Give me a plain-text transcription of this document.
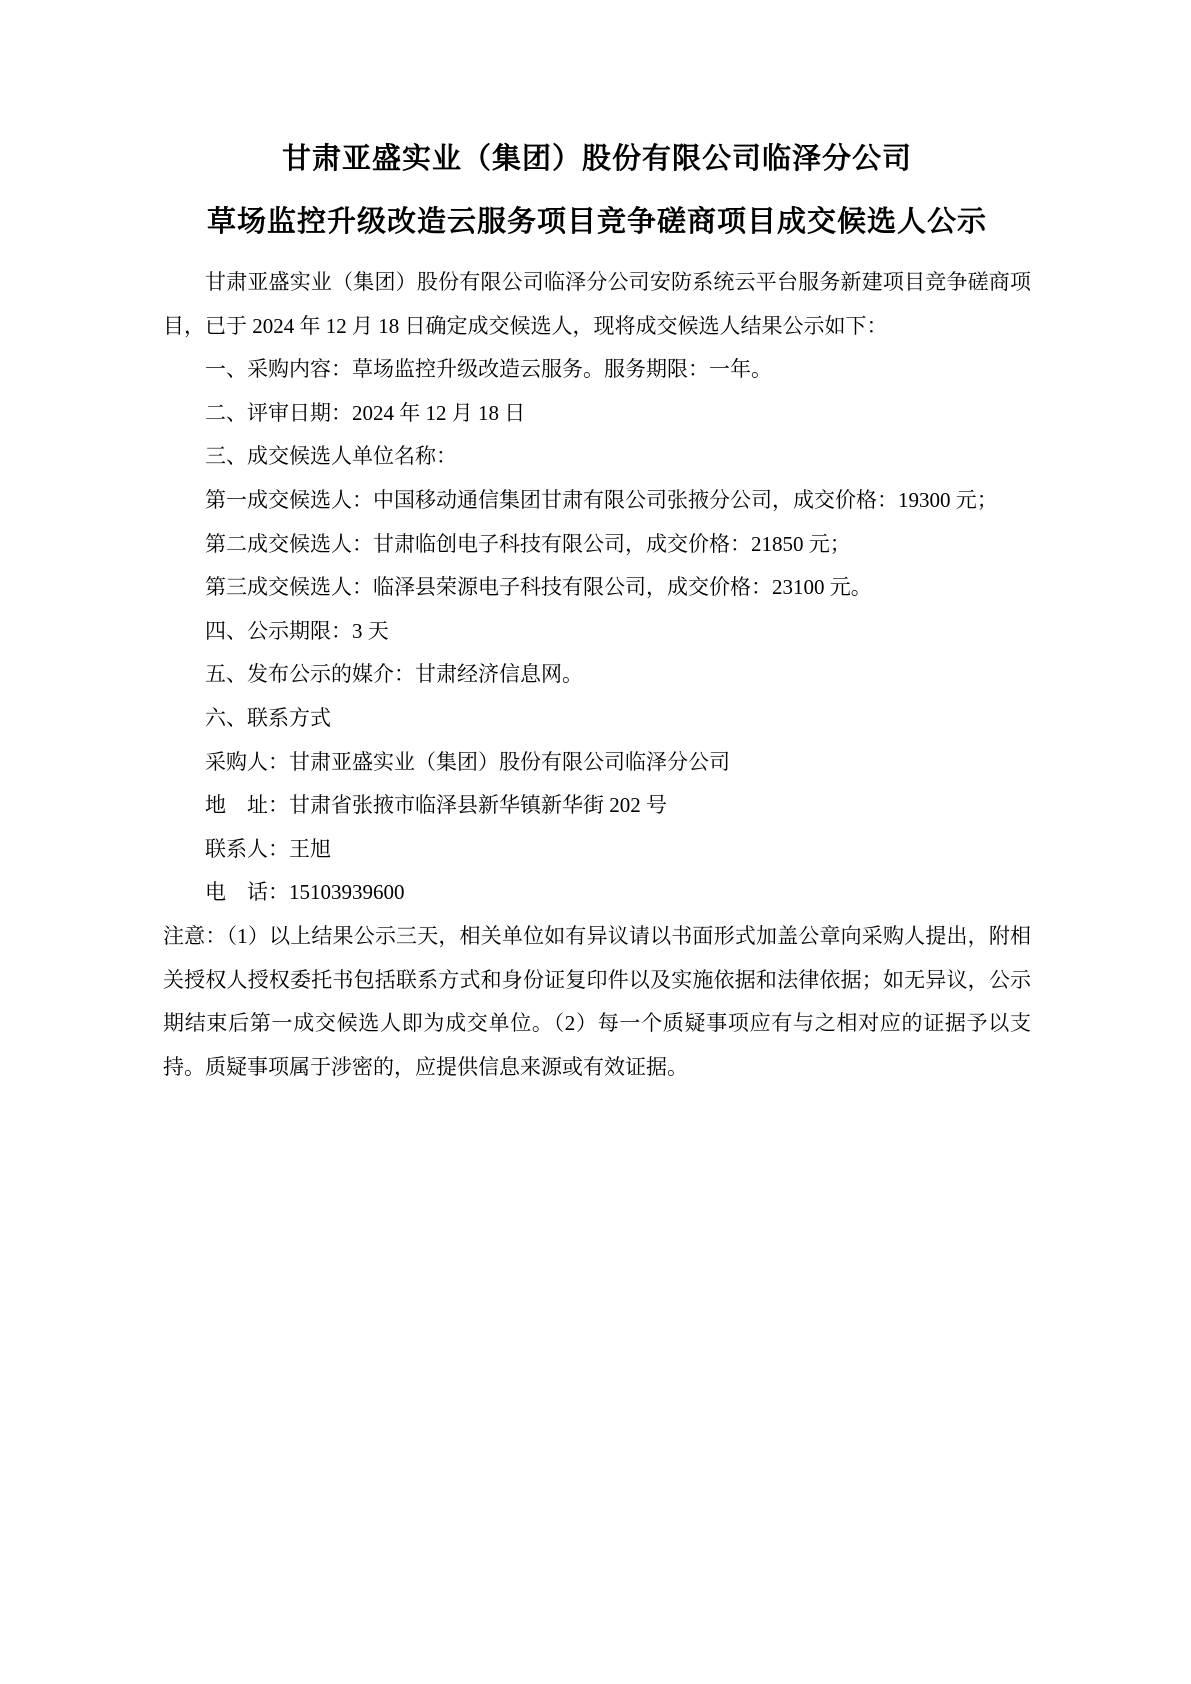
甘肃亚盛实业（集团）股份有限公司临泽分公司
草场监控升级改造云服务项目竞争磋商项目成交候选人公示

甘肃亚盛实业（集团）股份有限公司临泽分公司安防系统云平台服务新建项目竞争磋商项目，已于 2024 年 12 月 18 日确定成交候选人，现将成交候选人结果公示如下：

一、采购内容：草场监控升级改造云服务。服务期限：一年。

二、评审日期：2024 年 12 月 18 日

三、成交候选人单位名称：

第一成交候选人：中国移动通信集团甘肃有限公司张掖分公司，成交价格：19300 元；

第二成交候选人：甘肃临创电子科技有限公司，成交价格：21850 元；

第三成交候选人：临泽县荣源电子科技有限公司，成交价格：23100 元。

四、公示期限：3 天

五、发布公示的媒介：甘肃经济信息网。

六、联系方式

采购人：甘肃亚盛实业（集团）股份有限公司临泽分公司

地　址：甘肃省张掖市临泽县新华镇新华街 202 号

联系人：王旭

电　话：15103939600

注意：（1）以上结果公示三天，相关单位如有异议请以书面形式加盖公章向采购人提出，附相关授权人授权委托书包括联系方式和身份证复印件以及实施依据和法律依据；如无异议，公示期结束后第一成交候选人即为成交单位。（2）每一个质疑事项应有与之相对应的证据予以支持。质疑事项属于涉密的，应提供信息来源或有效证据。
